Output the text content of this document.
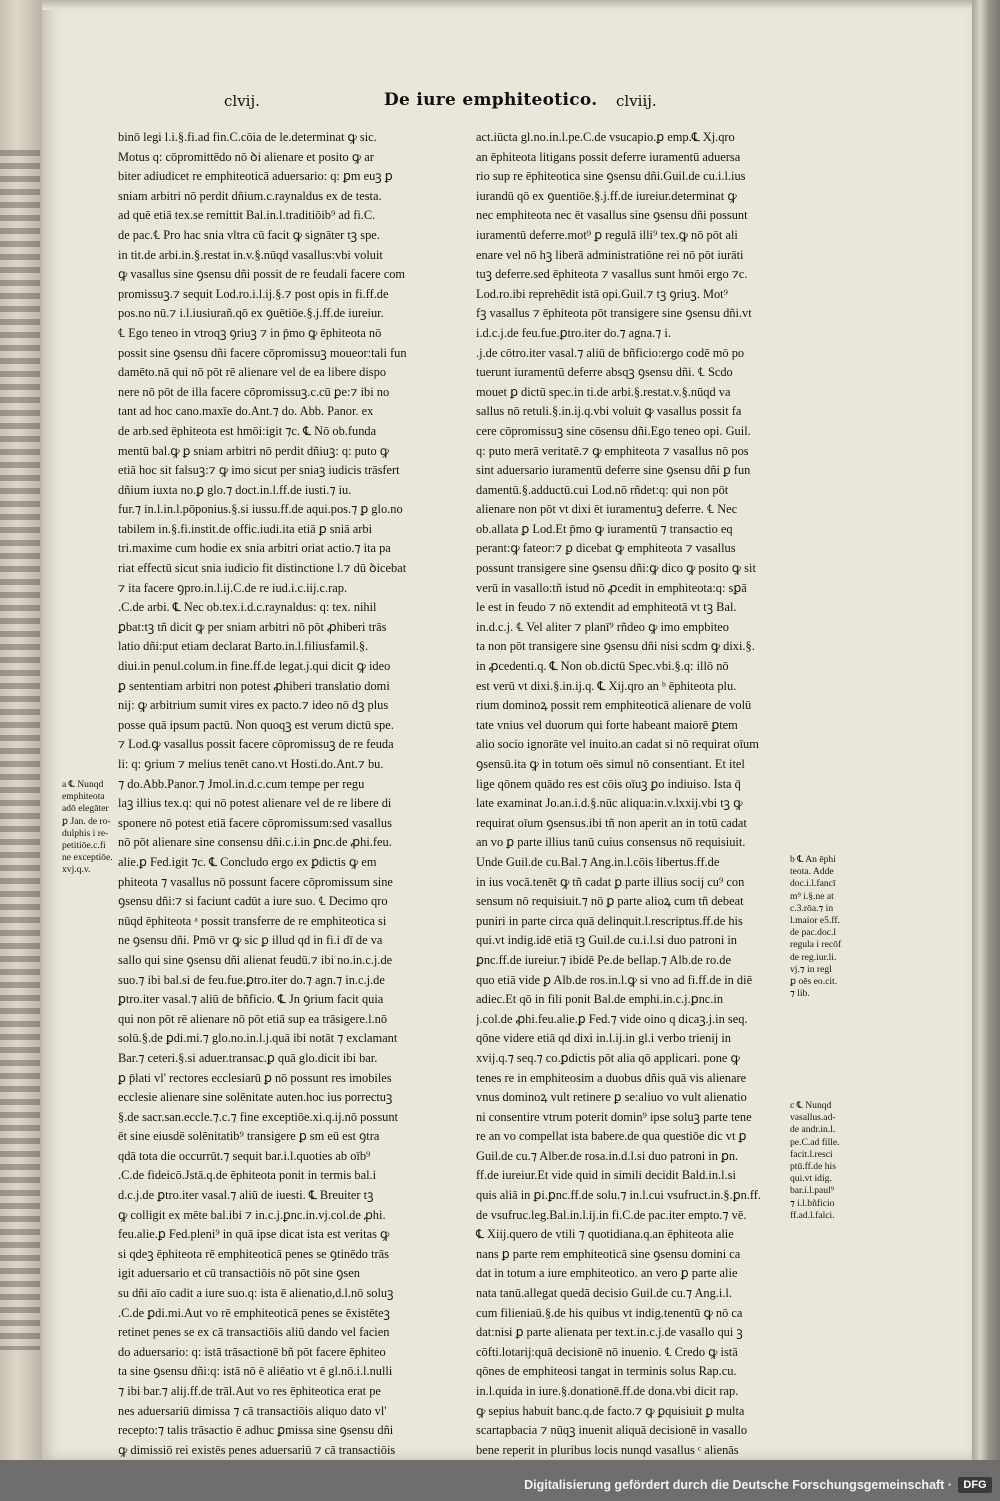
clvij.	De iure emphiteotico. clviij.
binō legi l.i.§.fi.ad fin.C.cōia de le.determinat ꝙ sic.
Motus q: cōpromittēdo nō ꝺi alienare et posito ꝙ ar
biter adiudicet re emphiteoticā aduersario: q: ꝑm euꝫ ꝑ
sniam arbitri nō perdit dñium.c.raynaldus ex de testa.
ad quē etiā tex.se remittit Bal.in.l.traditiōib⁹ ad fi.C.
de pac.℄ Pro hac snia vltra cū facit ꝙ signāter tꝫ spe.
in tit.de arbi.in.§.restat in.v.§.nūqd vasallus:vbi voluit
ꝙ vasallus sine ꝯsensu dñi possit de re feudali facere com
promissuꝫ.⁊ sequit Lod.ro.i.l.ij.§.⁊ post opis in fi.ff.de
pos.no nū.⁊ i.l.iusiurañ.qō ex ꝯuētiōe.§.j.ff.de iureiur.
℄ Ego teneo in vtroqꝫ ꝯriuꝫ ⁊ in p̄mo ꝙ ēphiteota nō
possit sine ꝯsensu dñi facere cōpromissuꝫ moueor:tali fun
damēto.nā qui nō pōt rē alienare vel de ea libere dispo
nere nō pōt de illa facere cōpromissuꝫ.c.cū ꝑe:⁊ ibi no
tant ad hoc cano.maxīe do.Ant.⁊ do. Abb. Panor. ex
de arb.sed ēphiteota est hmōi:igit ⁊c. ℄ Nō ob.funda
mentū bal.ꝙ ꝑ sniam arbitri nō perdit dñiuꝫ: q: puto ꝙ
etiā hoc sit falsuꝫ:⁊ ꝙ imo sicut per sniaꝫ iudicis trāsfert
dñium iuxta no.ꝑ glo.⁊ doct.in.l.ff.de iusti.⁊ iu.
fur.⁊ in.l.in.l.pōponius.§.si iussu.ff.de aqui.pos.⁊ ꝑ glo.no
tabilem in.§.fi.instit.de offic.iudi.ita etiā ꝑ sniā arbi
tri.maxime cum hodie ex snia arbitri oriat actio.⁊ ita pa
riat effectū sicut snia iudicio fit distinctione l.⁊ dū ꝺicebat
⁊ ita facere ꝯpro.in.l.ij.C.de re iud.i.c.iij.c.rap.
.C.de arbi. ℄ Nec ob.tex.i.d.c.raynaldus: q: tex. nihil
ꝑbat:tꝫ tñ dicit ꝙ per sniam arbitri nō pōt ꝓhiberi trās
latio dñi:put etiam declarat Barto.in.l.filiusfamil.§.
diui.in penul.colum.in fine.ff.de legat.j.qui dicit ꝙ ideo
ꝑ sententiam arbitri non potest ꝓhiberi translatio domi
nij: ꝙ arbitrium sumit vires ex pacto.⁊ ideo nō dꝫ plus
posse quā ipsum pactū. Non quoqꝫ est verum dictū spe.
⁊ Lod.ꝙ vasallus possit facere cōpromissuꝫ de re feuda
li: q: ꝯrium ⁊ melius tenēt cano.vt Hosti.do.Ant.⁊ bu.
⁊ do.Abb.Panor.⁊ Jmol.in.d.c.cum tempe per regu
laꝫ illius tex.q: qui nō potest alienare vel de re libere di
sponere nō potest etiā facere cōpromissum:sed vasallus
nō pōt alienare sine consensu dñi.c.i.in ꝑnc.de ꝓhi.feu.
alie.ꝑ Fed.igit ⁊c. ℄ Concludo ergo ex ꝑdictis ꝙ em
phiteota ⁊ vasallus nō possunt facere cōpromissum sine
ꝯsensu dñi:⁊ si faciunt cadūt a iure suo. ℄ Decimo qro
nūqd ēphiteota ᵃ possit transferre de re emphiteotica si
ne ꝯsensu dñi. Pmō vr ꝙ sic ꝑ illud qd in fi.i dī de va
sallo qui sine ꝯsensu dñi alienat feudū.⁊ ibi no.in.c.j.de
suo.⁊ ibi bal.si de feu.fue.ꝑtro.iter do.⁊ agn.⁊ in.c.j.de
ꝑtro.iter vasal.⁊ aliū de bñficio. ℄ Jn ꝯrium facit quia
qui non pōt rē alienare nō pōt etiā sup ea trāsigere.l.nō
solū.§.de ꝑdi.mi.⁊ glo.no.in.l.j.quā ibi notāt ⁊ exclamant
Bar.⁊ ceteri.§.si aduer.transac.ꝑ quā glo.dicit ibi bar.
ꝑ p̄lati vl' rectores ecclesiarū ꝑ nō possunt res imobiles
ecclesie alienare sine solēnitate auten.hoc ius porrectuꝫ
§.de sacr.san.eccle.⁊.c.⁊ fine exceptiōe.xi.q.ij.nō possunt
ēt sine eiusdē solēnitatib⁹ transigere ꝑ sm eū est ꝯtra
qdā tota die occurrūt.⁊ sequit bar.i.l.quoties ab oīb⁹
.C.de fideicō.Jstā.q.de ēphiteota ponit in termis bal.i
d.c.j.de ꝑtro.iter vasal.⁊ aliū de iuesti. ℄ Breuiter tꝫ
ꝙ colligit ex mēte bal.ibi ⁊ in.c.j.ꝑnc.in.vj.col.de ꝓhi.
feu.alie.ꝑ Fed.pleni⁹ in quā ipse dicat ista est veritas ꝙ
si qdeꝫ ēphiteota rē emphiteoticā penes se ꝯtinēdo trās
igit aduersario et cū transactiōis nō pōt sine ꝯsen
su dñi aīo cadit a iure suo.q: ista ē alienatio,d.l.nō soluꝫ
.C.de ꝑdi.mi.Aut vo rē emphiteoticā penes se ēxistēteꝫ
retinet penes se ex cā transactiōis aliū dando vel facien
do aduersario: q: istā trāsactionē bñ pōt facere ēphiteo
ta sine ꝯsensu dñi:q: istā nō ē aliēatio vt ē gl.nō.i.l.nulli
⁊ ibi bar.⁊ alij.ff.de trāl.Aut vo res ēphiteotica erat pe
nes aduersariū dimissa ⁊ cā transactiōis aliquo dato vl'
recepto:⁊ talis trāsactio ē adhuc ꝑmissa sine ꝯsensu dñi
ꝙ dimissiō rei existēs penes aduersariū ⁊ cā transactiōis
act.iūcta gl.no.in.l.pe.C.de vsucapio.ꝑ emp.℄ Xj.qro
an ēphiteota litigans possit deferre iuramentū aduersa
rio sup re ēphiteotica sine ꝯsensu dñi.Guil.de cu.i.l.ius
iurandū qō ex ꝯuentiōe.§.j.ff.de iureiur.determinat ꝙ
nec emphiteota nec ēt vasallus sine ꝯsensu dñi possunt
iuramentū deferre.mot⁹ ꝑ regulā illi⁹ tex.ꝙ nō pōt ali
enare vel nō hꝫ liberā administratiōne rei nō pōt iurāti
tuꝫ deferre.sed ēphiteota ⁊ vasallus sunt hmōi ergo ⁊c.
Lod.ro.ibi reprehēdit istā opi.Guil.⁊ tꝫ ꝯriuꝫ. Mot⁹
fꝫ vasallus ⁊ ēphiteota pōt transigere sine ꝯsensu dñi.vt
i.d.c.j.de feu.fue.ꝑtro.iter do.⁊ agna.⁊ i.
.j.de cōtro.iter vasal.⁊ aliū de bñficio:ergo codē mō po
tuerunt iuramentū deferre absqꝫ ꝯsensu dñi. ℄ Scdo
mouet ꝑ dictū spec.in ti.de arbi.§.restat.v.§.nūqd va
sallus nō retuli.§.in.ij.q.vbi voluit ꝙ vasallus possit fa
cere cōpromissuꝫ sine cōsensu dñi.Ego teneo opi. Guil.
q: puto merā veritatē.⁊ ꝙ emphiteota ⁊ vasallus nō pos
sint aduersario iuramentū deferre sine ꝯsensu dñi ꝑ fun
damentū.§.adductū.cui Lod.nō rñdet:q: qui non pōt
alienare non pōt vt dixi ēt iuramentuꝫ deferre. ℄ Nec
ob.allata ꝑ Lod.Et p̄mo ꝙ iuramentū ⁊ transactio eq
perant:ꝙ fateor:⁊ ꝑ dicebat ꝙ emphiteota ⁊ vasallus
possunt transigere sine ꝯsensu dñi:ꝙ dico ꝙ posito ꝙ sit
verū in vasallo:tñ istud nō ꝓcedit in emphiteota:q: sꝑā
le est in feudo ⁊ nō extendit ad emphiteotā vt tꝫ Bal.
in.d.c.j. ℄ Vel aliter ⁊ planī⁹ rñdeo ꝙ imo empbiteo
ta non pōt transigere sine ꝯsensu dñi nisi scdm ꝙ dixi.§.
in ꝓcedenti.q. ℄ Non ob.dictū Spec.vbi.§.q: illō nō
est verū vt dixi.§.in.ij.q. ℄ Xij.qro an ᵇ ēphiteota plu.
rium dominoꝝ possit rem emphiteoticā alienare de volū
tate vnius vel duorum qui forte habeant maiorē ꝑtem
alio socio ignorāte vel inuito.an cadat si nō requirat oīum
ꝯsensū.ita ꝙ in totum oēs simul nō consentiant. Et itel
lige qōnem quādo res est cōis oīuꝫ ꝑo indiuiso. Ista q̄
late examinat Jo.an.i.d.§.nūc aliqua:in.v.lxxij.vbi tꝫ ꝙ
requirat oīum ꝯsensus.ibi tñ non aperit an in totū cadat
an vo ꝑ parte illius tanū cuius consensus nō requisiuit.
Unde Guil.de cu.Bal.⁊ Ang.in.l.cōis libertus.ff.de
in ius vocā.tenēt ꝙ tñ cadat ꝑ parte illius socij cu⁹ con
sensum nō requisiuit.⁊ nō ꝑ parte alioꝝ cum tñ debeat
puniri in parte circa quā delinquit.l.rescriptus.ff.de his
qui.vt indig.idē etiā tꝫ Guil.de cu.i.l.si duo patroni in
ꝑnc.ff.de iureiur.⁊ ibidē Pe.de bellap.⁊ Alb.de ro.de
quo etiā vide ꝑ Alb.de ros.in.l.ꝙ si vno ad fi.ff.de in diē
adiec.Et qō in fili ponit Bal.de emphi.in.c.j.ꝑnc.in
j.col.de ꝓhi.feu.alie.ꝑ Fed.⁊ vide oino q dicaꝫ.j.in seq.
qōne videre etiā qd dixi in.l.ij.in gl.i verbo trienij in
xvij.q.⁊ seq.⁊ co.ꝑdictis pōt alia qō applicari. pone ꝙ
tenes re in emphiteosim a duobus dñis quā vis alienare
vnus dominoꝝ vult retinere ꝑ se:aliuo vo vult alienatio
ni consentire vtrum poterit domin⁹ ipse soluꝫ parte tene
re an vo compellat ista babere.de qua questiōe dic vt ꝑ
Guil.de cu.⁊ Alber.de rosa.in.d.l.si duo patroni in ꝑn.
ff.de iureiur.Et vide quid in simili decidit Bald.in.l.si
quis aliā in ꝑi.ꝑnc.ff.de solu.⁊ in.l.cui vsufruct.in.§.ꝑn.ff.
de vsufruc.leg.Bal.in.l.ij.in fi.C.de pac.iter empto.⁊ vē.
℄ Xiij.quero de vtili ⁊ quotidiana.q.an ēphiteota alie
nans ꝑ parte rem emphiteoticā sine ꝯsensu domini ca
dat in totum a iure emphiteotico. an vero ꝑ parte alie
nata tanū.allegat quedā decisio Guil.de cu.⁊ Ang.i.l.
cum filieniaū.§.de his quibus vt indig.tenentū ꝙ nō ca
dat:nisi ꝑ parte alienata per text.in.c.j.de vasallo qui ꝫ
cōfti.lotarij:quā decisionē nō inuenio. ℄ Credo ꝙ istā
qōnes de emphiteosi tangat in terminis solus Rap.cu.
in.l.quida in iure.§.donationē.ff.de dona.vbi dicit rap.
ꝙ sepius habuit banc.q.de facto.⁊ ꝙ ꝑquisiuit ꝑ multa
scartapbacia ⁊ nūqꝫ inuenit aliquā decisionē in vasallo
bene reperit in pluribus locis nunqd vasallus ᶜ alienās
a ℄ Nunqd
emphiteota
adō elegāter
ꝑ Jan. de ro-
dulphis i re-
petitiōe.c.fi
ne exceptiōe.
xvj.q.v.
b ℄ An ēphi
teota. Adde
doc.i.l.fancī
m⁹ i.§.ne at
c.3.rōa.⁊ in
l.maior e5.ff.
de pac.doc.l
regula i recōf
de reg.iur.li.
vj.⁊ in regl
ꝑ oēs eo.cit.
⁊ lib.
c ℄ Nunqd
vasallus.ad-
de andr.in.l.
pe.C.ad fille.
facit.l.resci
ptū.ff.de his
qui.vt idig.
bar.i.l.paul⁹
⁊ i.l.bñficio
ff.ad.l.falci.
Digitalisierung gefördert durch die Deutsche Forschungsgemeinschaft ·	DFG
